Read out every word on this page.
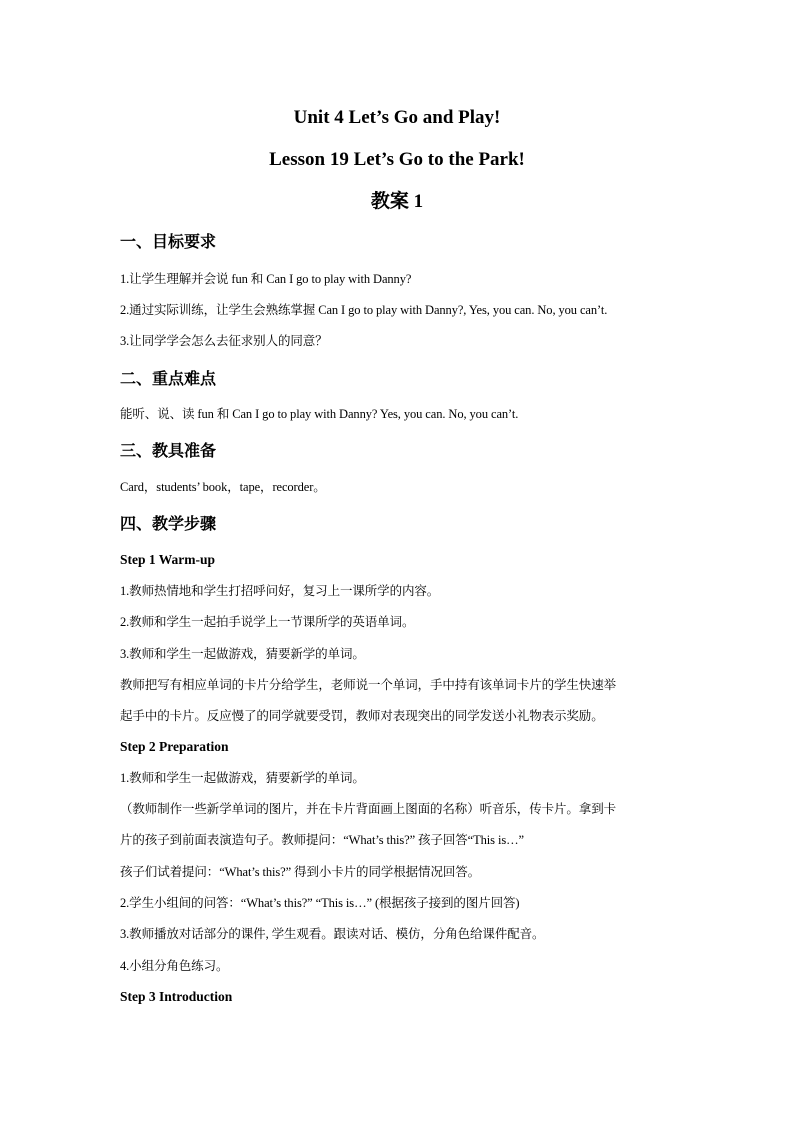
Unit 4 Let’s Go and Play!
Lesson 19 Let’s Go to the Park!
教案 1
一、目标要求
1.让学生理解并会说 fun 和 Can I go to play with Danny?
2.通过实际训练，让学生会熟练掌握 Can I go to play with Danny?, Yes, you can. No, you can’t.
3.让同学学会怎么去征求别人的同意？
二、重点难点
能听、说、读 fun 和 Can I go to play with Danny? Yes, you can. No, you can’t.
三、教具准备
Card，students’ book，tape，recorder。
四、教学步骤
Step 1 Warm-up
1.教师热情地和学生打招呼问好，复习上一课所学的内容。
2.教师和学生一起拍手说学上一节课所学的英语单词。
3.教师和学生一起做游戏，猜要新学的单词。
教师把写有相应单词的卡片分给学生，老师说一个单词，手中持有该单词卡片的学生快速举
起手中的卡片。反应慢了的同学就要受罚，教师对表现突出的同学发送小礼物表示奖励。
Step 2 Preparation
1.教师和学生一起做游戏，猜要新学的单词。
（教师制作一些新学单词的图片，并在卡片背面画上图面的名称）听音乐，传卡片。拿到卡
片的孩子到前面表演造句子。教师提问：“What’s this?” 孩子回答“This is…”
孩子们试着提问：“What’s this?” 得到小卡片的同学根据情况回答。
2.学生小组间的问答：“What’s this?” “This is…” (根据孩子接到的图片回答)
3.教师播放对话部分的课件, 学生观看。跟读对话、模仿，分角色给课件配音。
4.小组分角色练习。
Step 3 Introduction
